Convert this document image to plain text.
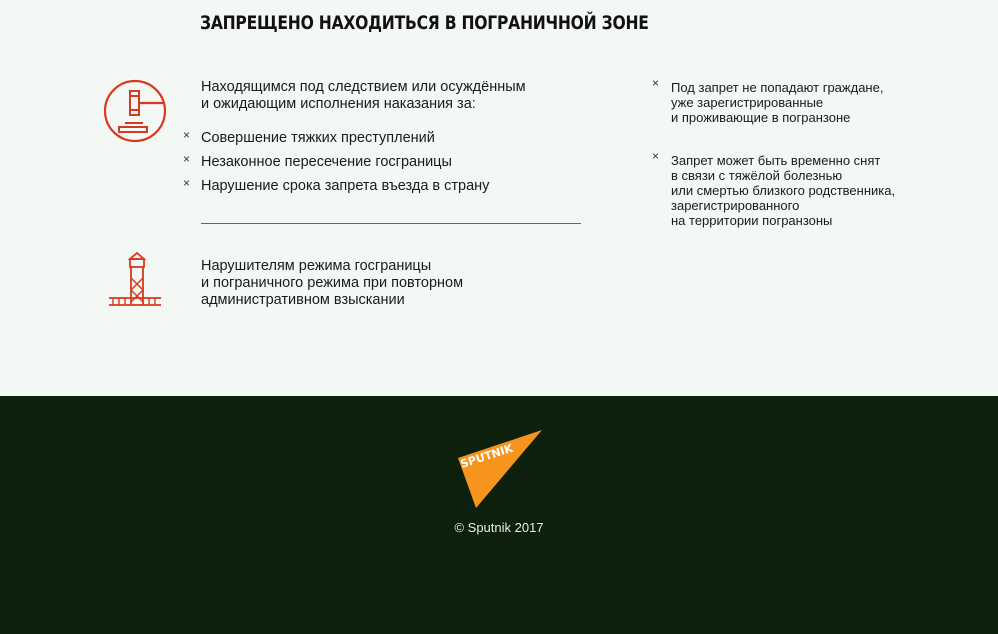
ЗАПРЕЩЕНО НАХОДИТЬСЯ В ПОГРАНИЧНОЙ ЗОНЕ
Находящимся под следствием или осуждённым
и ожидающим исполнения наказания за:
× Совершение тяжких преступлений
× Незаконное пересечение госграницы
× Нарушение срока запрета въезда в страну
Нарушителям режима госграницы
и пограничного режима при повторном
административном взыскании
× Под запрет не попадают граждане,
уже зарегистрированные
и проживающие в погранзоне
× Запрет может быть временно снят
в связи с тяжёлой болезнью
или смертью близкого родственника,
зарегистрированного
на территории погранзоны
SPUTNIK
© Sputnik 2017
